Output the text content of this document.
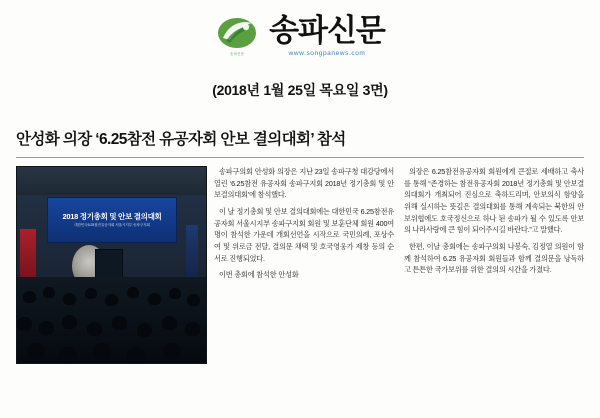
송파신문
송파신문
www.songpanews.com
(2018년 1월 25일 목요일 3면)
안성화 의장 ‘6.25참전 유공자회 안보 결의대회’ 참석
2018 정기총회 및 안보 결의대회
대한민국6.25참전유공자회 서울시지부 송파구지회

송파구의회 안성화 의장은 지난 23일 송파구청 대강당에서 열린 ‘6.25참전 유공자회 송파구지회 2018년 정기총회 및 안보결의대회’에 참석했다.

이 날 정기총회 및 안보 결의대회에는 대한민국 6.25참전유공자회 서울시지부 송파구지회 회원 및 보훈단체 회원 400여 명이 참석한 가운데 개회선언을 시작으로 국민의례, 포상수여 및 위로금 전달, 결의문 채택 및 호국영웅가 제창 등의 순서로 진행되었다.

이번 총회에 참석한 안성화

의장은 6.25참전유공자회 회원에게 큰절로 세배하고 축사를 통해 “존경하는 참전유공자회 2018년 정기총회 및 안보결의대회가 개최되어 진심으로 축하드리며, 안보의식 함양을 위해 실시하는 뜻깊은 결의대회를 통해 계속되는 북한의 안보위협에도 호국정신으로 하나 된 송파가 될 수 있도록 안보의 나라사랑에 큰 힘이 되어주시길 바란다.”고 말했다.

한편, 이날 총회에는 송파구의회 나봉숙, 김정열 의원이 함께 참석하여 6.25 유공자회 회원들과 함께 결의문을 낭독하고 튼튼한 국가보위를 위한 결의의 시간을 가졌다.
